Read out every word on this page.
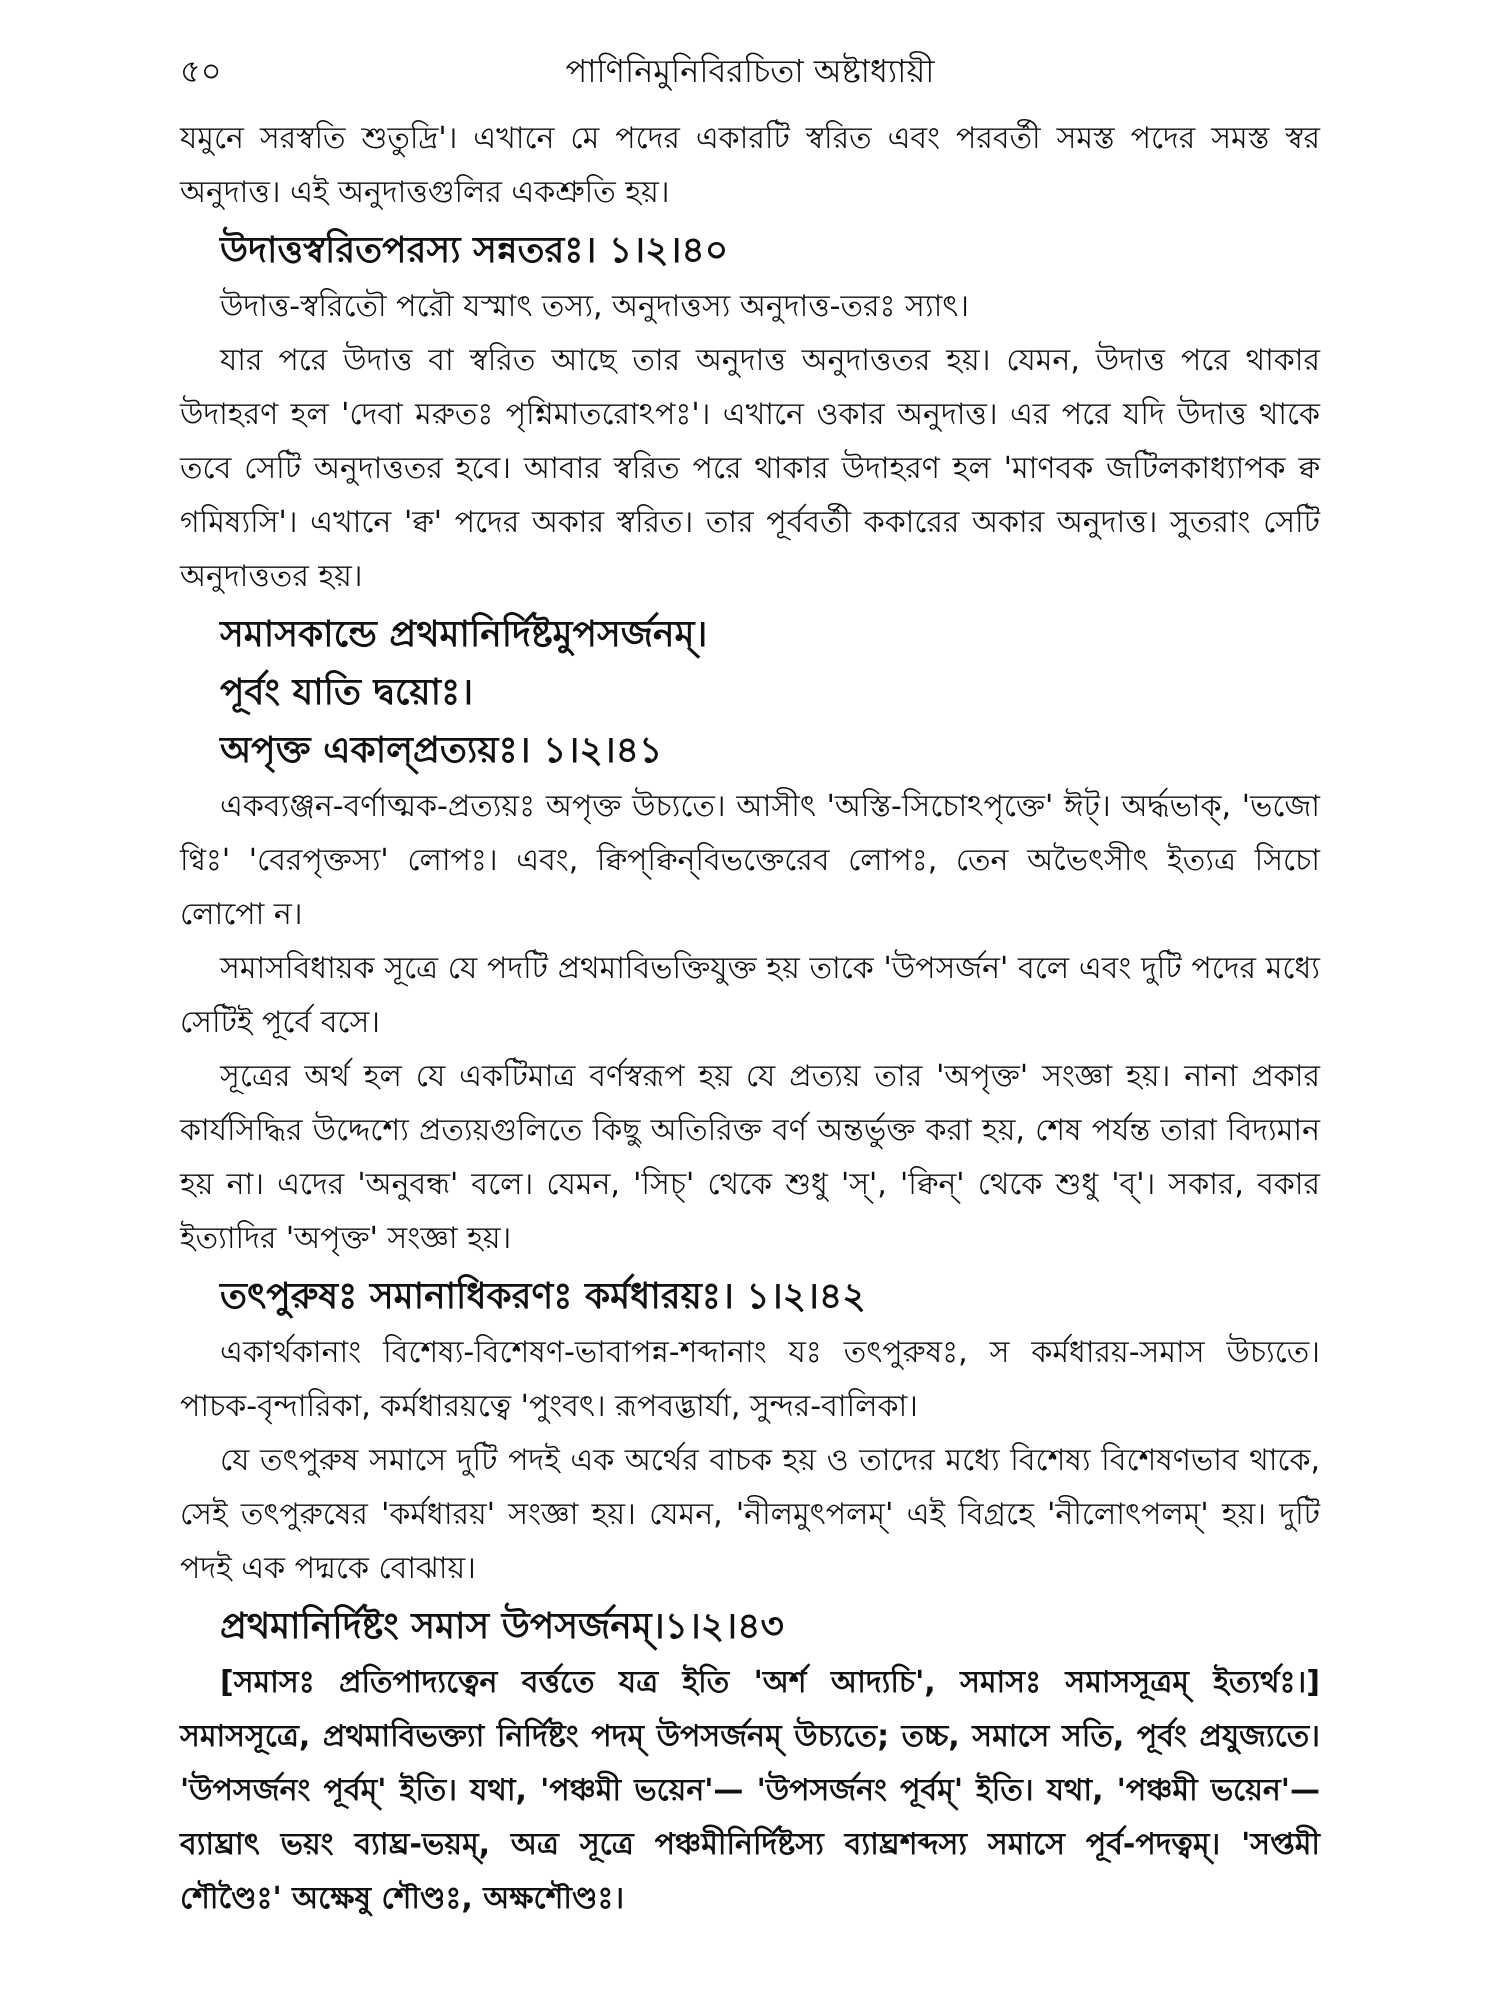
৫০	পাণিনিমুনিবিরচিতা অষ্টাধ্যায়ী

যমুনে সরস্বতি শুতুদ্রি'। এখানে মে পদের একারটি স্বরিত এবং পরবর্তী সমস্ত পদের সমস্ত স্বর অনুদাত্ত। এই অনুদাত্তগুলির একশ্রুতি হয়।

উদাত্তস্বরিতপরস্য সন্নতরঃ। ১।২।৪০

উদাত্ত-স্বরিতৌ পরৌ যস্মাৎ তস্য, অনুদাত্তস্য অনুদাত্ত-তরঃ স্যাৎ।

যার পরে উদাত্ত বা স্বরিত আছে তার অনুদাত্ত অনুদাত্ততর হয়। যেমন, উদাত্ত পরে থাকার উদাহরণ হল 'দেবা মরুতঃ পৃশ্নিমাতরোঽপঃ'। এখানে ওকার অনুদাত্ত। এর পরে যদি উদাত্ত থাকে তবে সেটি অনুদাত্ততর হবে। আবার স্বরিত পরে থাকার উদাহরণ হল 'মাণবক জটিলকাধ্যাপক ক্ব গমিষ্যসি'। এখানে 'ক্ব' পদের অকার স্বরিত। তার পূর্ববর্তী ককারের অকার অনুদাত্ত। সুতরাং সেটি অনুদাত্ততর হয়।

সমাসকান্ডে প্রথমানির্দিষ্টমুপসর্জনম্।
পূর্বং যাতি দ্বয়োঃ।
অপৃক্ত একাল্‌প্রত্যয়ঃ। ১।২।৪১

একব্যঞ্জন-বর্ণাত্মক-প্রত্যয়ঃ অপৃক্ত উচ্যতে। আসীৎ 'অস্তি-সিচোঽপৃক্তে' ঈট্। অর্দ্ধভাক্, 'ভজো ণ্বিঃ' 'বেরপৃক্তস্য' লোপঃ। এবং, ক্বিপ্‌ক্বিন্‌বিভক্তেরেব লোপঃ, তেন অভৈৎসীৎ ইত্যত্র সিচো লোপো ন।

সমাসবিধায়ক সূত্রে যে পদটি প্রথমাবিভক্তিযুক্ত হয় তাকে 'উপসর্জন' বলে এবং দুটি পদের মধ্যে সেটিই পূর্বে বসে।

সূত্রের অর্থ হল যে একটিমাত্র বর্ণস্বরূপ হয় যে প্রত্যয় তার 'অপৃক্ত' সংজ্ঞা হয়। নানা প্রকার কার্যসিদ্ধির উদ্দেশ্যে প্রত্যয়গুলিতে কিছু অতিরিক্ত বর্ণ অন্তর্ভুক্ত করা হয়, শেষ পর্যন্ত তারা বিদ্যমান হয় না। এদের 'অনুবন্ধ' বলে। যেমন, 'সিচ্' থেকে শুধু 'স্', 'ক্বিন্' থেকে শুধু 'ব্'। সকার, বকার ইত্যাদির 'অপৃক্ত' সংজ্ঞা হয়।

তৎপুরুষঃ সমানাধিকরণঃ কর্মধারয়ঃ। ১।২।৪২

একার্থকানাং বিশেষ্য-বিশেষণ-ভাবাপন্ন-শব্দানাং যঃ তৎপুরুষঃ, স কর্মধারয়-সমাস উচ্যতে। পাচক-বৃন্দারিকা, কর্মধারয়ত্বে 'পুংবৎ। রূপবদ্ভার্যা, সুন্দর-বালিকা।

যে তৎপুরুষ সমাসে দুটি পদই এক অর্থের বাচক হয় ও তাদের মধ্যে বিশেষ্য বিশেষণভাব থাকে, সেই তৎপুরুষের 'কর্মধারয়' সংজ্ঞা হয়। যেমন, 'নীলমুৎপলম্' এই বিগ্রহে 'নীলোৎপলম্' হয়। দুটি পদই এক পদ্মকে বোঝায়।

প্রথমানির্দিষ্টং সমাস উপসর্জনম্।১।২।৪৩

[সমাসঃ প্রতিপাদ্যত্বেন বর্ত্ততে যত্র ইতি 'অর্শ আদ্যচি', সমাসঃ সমাসসূত্রম্ ইত্যর্থঃ।] সমাসসূত্রে, প্রথমাবিভক্ত্যা নির্দিষ্টং পদম্ উপসর্জনম্ উচ্যতে; তচ্চ, সমাসে সতি, পূর্বং প্রযুজ্যতে। 'উপসর্জনং পূর্বম্' ইতি। যথা, 'পঞ্চমী ভয়েন'— 'উপসর্জনং পূর্বম্' ইতি। যথা, 'পঞ্চমী ভয়েন'— ব্যাঘ্রাৎ ভয়ং ব্যাঘ্র-ভয়ম্, অত্র সূত্রে পঞ্চমীনির্দিষ্টস্য ব্যাঘ্রশব্দস্য সমাসে পূর্ব-পদত্বম্। 'সপ্তমী শৌণ্ডৈঃ' অক্ষেষু শৌণ্ডঃ, অক্ষশৌণ্ডঃ।
